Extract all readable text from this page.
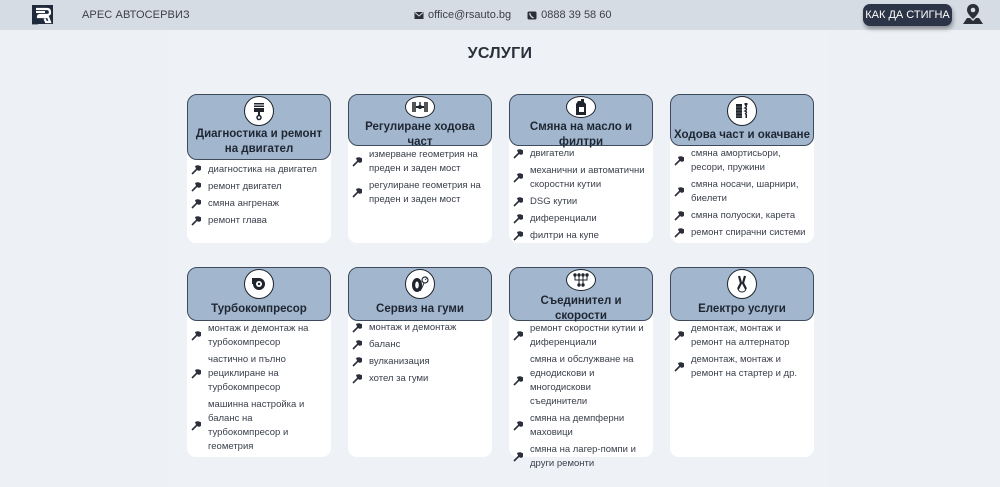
АРЕС АВТОСЕРВИЗ	office@rsauto.bg	0888 39 58 60	КАК ДА СТИГНА
УСЛУГИ
Диагностика и ремонт на двигател
диагностика на двигател
ремонт двигател
смяна ангренаж
ремонт глава
Регулиране ходова част
измерване геометрия на преден и заден мост
регулиране геометрия на преден и заден мост
Смяна на масло и филтри
двигатели
механични и автоматични скоростни кутии
DSG кутии
диференциали
филтри на купе
Ходова част и окачване
смяна амортисьори, ресори, пружини
смяна носачи, шарнири, биелети
смяна полуоски, карета
ремонт спирачни системи
Турбокомпресор
монтаж и демонтаж на турбокомпресор
частично и пълно рециклиране на турбокомпресор
машинна настройка и баланс на турбокомпресор и геометрия
Сервиз на гуми
монтаж и демонтаж
баланс
вулканизация
хотел за гуми
Съединител и скорости
ремонт скоростни кутии и диференциали
смяна и обслужване на еднодискови и многодискови съединители
смяна на демпферни маховици
смяна на лагер-помпи и други ремонти
Електро услуги
демонтаж, монтаж и ремонт на алтернатор
демонтаж, монтаж и ремонт на стартер и др.
